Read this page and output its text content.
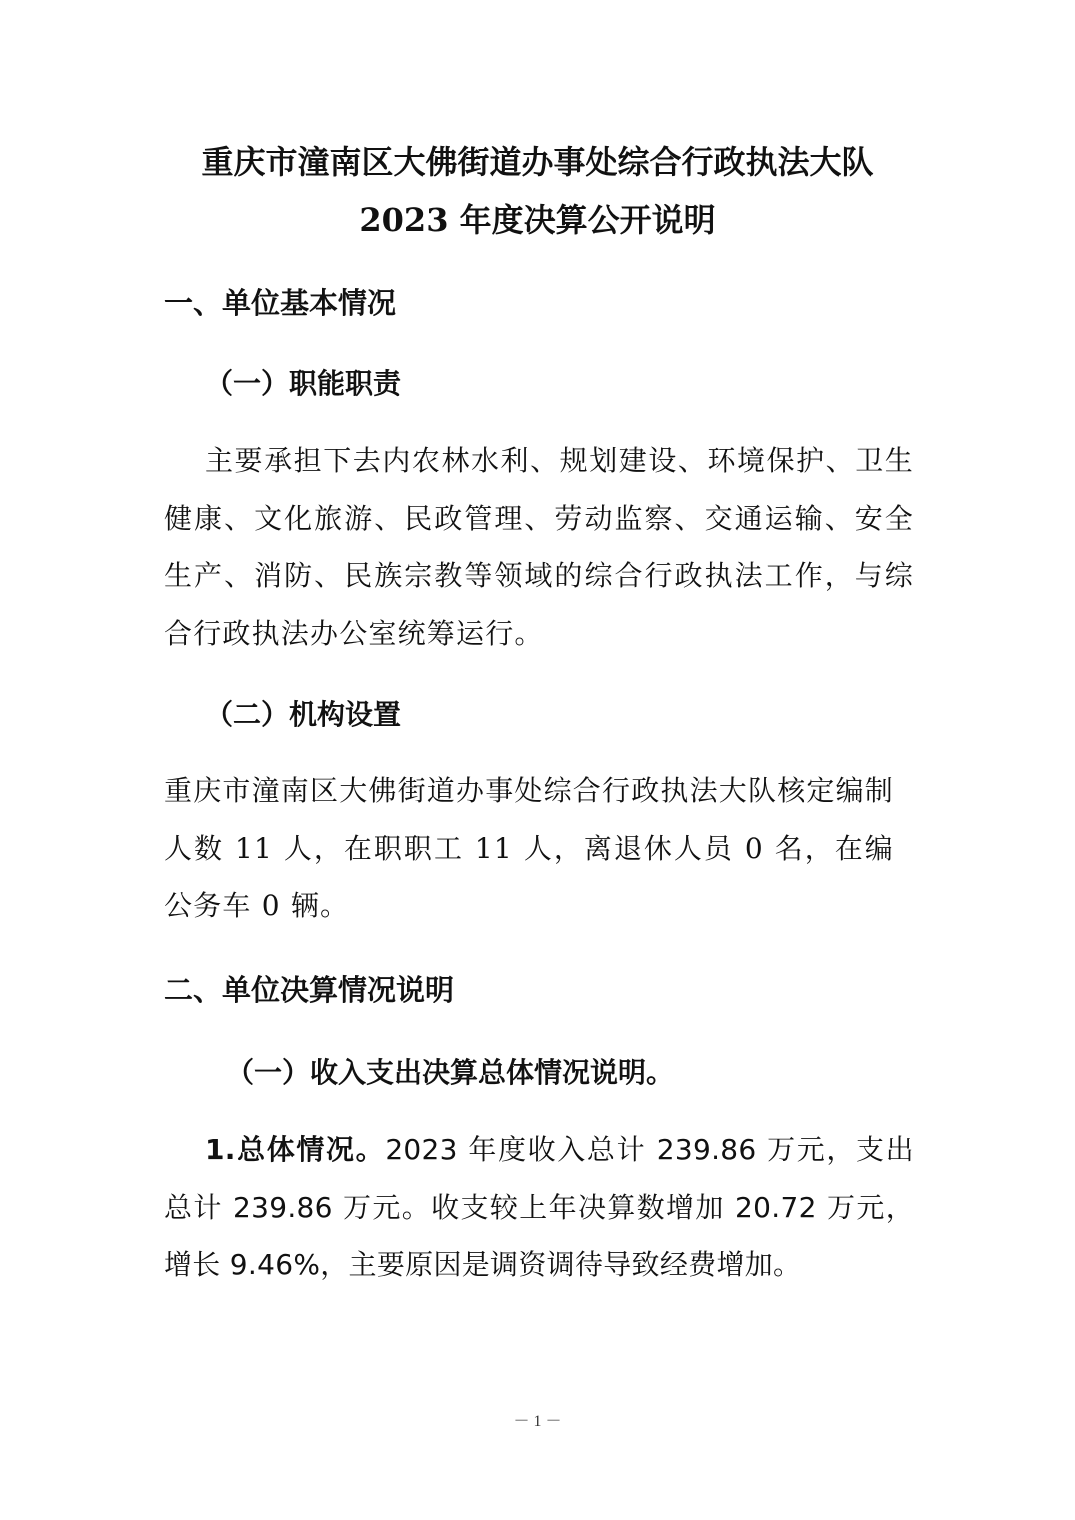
重庆市潼南区大佛街道办事处综合行政执法大队
2023 年度决算公开说明
一、单位基本情况
（一）职能职责

主要承担下去内农林水利、规划建设、环境保护、卫生健康、文化旅游、民政管理、劳动监察、交通运输、安全生产、消防、民族宗教等领域的综合行政执法工作，与综合行政执法办公室统筹运行。

（二）机构设置

重庆市潼南区大佛街道办事处综合行政执法大队核定编制人数 11 人，在职职工 11 人，离退休人员 0 名，在编公务车 0 辆。

二、单位决算情况说明
（一）收入支出决算总体情况说明。

1.总体情况。2023 年度收入总计 239.86 万元，支出总计 239.86 万元。收支较上年决算数增加 20.72 万元，增长 9.46%，主要原因是调资调待导致经费增加。

－ 1 －
